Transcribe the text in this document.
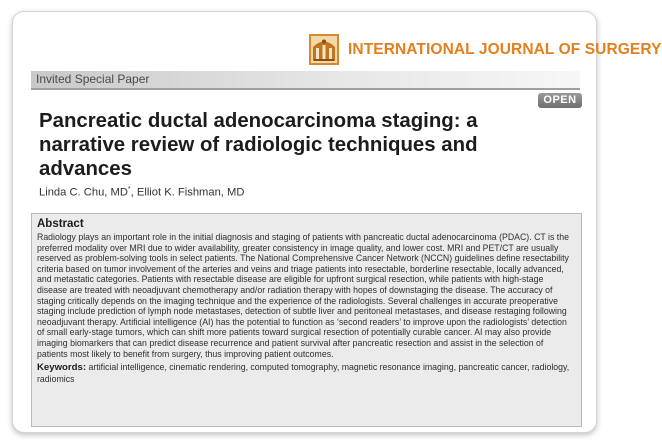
INTERNATIONAL JOURNAL OF SURGERY
Invited Special Paper
OPEN
Pancreatic ductal adenocarcinoma staging: a narrative review of radiologic techniques and advances
Linda C. Chu, MD*, Elliot K. Fishman, MD
Abstract
Radiology plays an important role in the initial diagnosis and staging of patients with pancreatic ductal adenocarcinoma (PDAC). CT is the preferred modality over MRI due to wider availability, greater consistency in image quality, and lower cost. MRI and PET/CT are usually reserved as problem-solving tools in select patients. The National Comprehensive Cancer Network (NCCN) guidelines define resectability criteria based on tumor involvement of the arteries and veins and triage patients into resectable, borderline resectable, locally advanced, and metastatic categories. Patients with resectable disease are eligible for upfront surgical resection, while patients with high-stage disease are treated with neoadjuvant chemotherapy and/or radiation therapy with hopes of downstaging the disease. The accuracy of staging critically depends on the imaging technique and the experience of the radiologists. Several challenges in accurate preoperative staging include prediction of lymph node metastases, detection of subtle liver and peritoneal metastases, and disease restaging following neoadjuvant therapy. Artificial intelligence (AI) has the potential to function as ‘second readers’ to improve upon the radiologists’ detection of small early-stage tumors, which can shift more patients toward surgical resection of potentially curable cancer. AI may also provide imaging biomarkers that can predict disease recurrence and patient survival after pancreatic resection and assist in the selection of patients most likely to benefit from surgery, thus improving patient outcomes.
Keywords: artificial intelligence, cinematic rendering, computed tomography, magnetic resonance imaging, pancreatic cancer, radiology, radiomics
